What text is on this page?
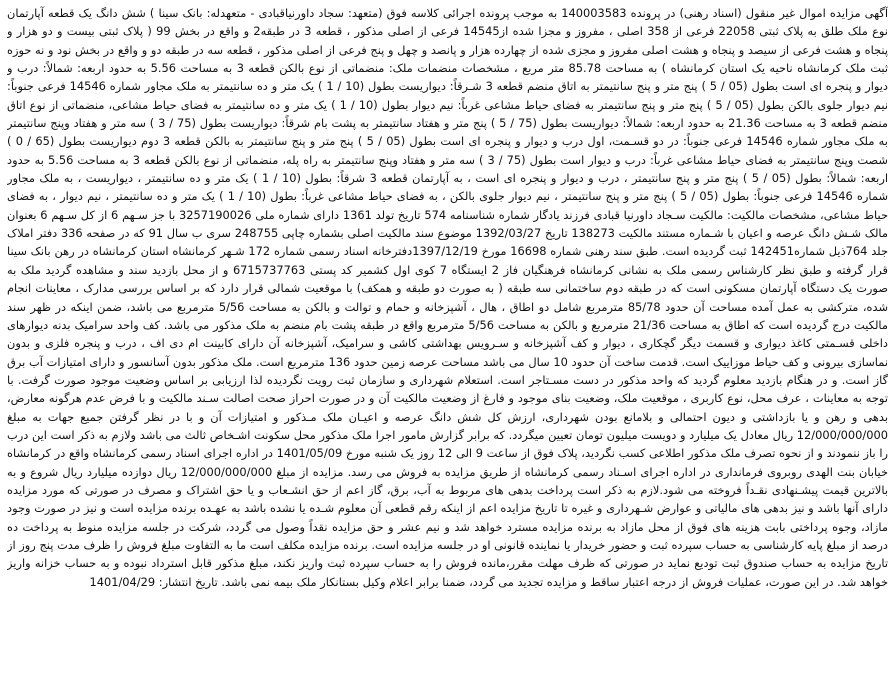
آگهی مزایده اموال غیر منقول (اسناد رهنی) در پرونده 140003583 به موجب پرونده اجرائی کلاسه فوق (متعهد: سجاد داورنیاقبادی - متعهدله: بانک سینا ) شش دانگ یک قطعه آپارتمان نوع ملک طلق به پلاک ثبتی 22058 فرعی از 358 اصلی ، مفروز و مجزا شده از14545 فرعی از اصلی مذکور ، قطعه 3 در طبقه2 و واقع در بخش 99 ( پلاک ثبتی بیست و دو هزار و پنجاه و هشت فرعی از سیصد و پنجاه و هشت اصلی مفروز و مجزی شده از چهارده هزار و پانصد و چهل و پنج فرعی از اصلی مذکور ، قطعه سه در طبقه دو و واقع در بخش نود و نه حوزه ثبت ملک کرمانشاه ناحیه یک استان کرمانشاه ) به مساحت 85.78 متر مربع ، مشخصات منضمات ملک: منضماتی از نوع بالکن قطعه 3 به مساحت 5.56 به حدود اربعه: شمالاً: درب و دیوار و پنجره ای است بطول (05 / 5 ) پنج متر و پنج سانتیمتر به اتاق منضم قطعه 3 شـرقاً: دیواریست بطول (10 / 1 ) یک متر و ده سانتیمتر به ملک مجاور شماره 14546 فرعی جنوباً: نیم دیوار جلوی بالکن بطول (05 / 5 ) پنج متر و پنج سانتیمتر به فضای حیاط مشاعی غرباً: نیم دیوار بطول (10 / 1 ) یک متر و ده سانتیمتر به فضای حیاط مشاعی، منضماتی از نوع اتاق منضم قطعه 3 به مساحت 21.36 به حدود اربعه: شمالاً: دیواریست بطول (75 / 5 ) پنج متر و هفتاد سانتیمتر به پشت بام شرقاً: دیواریست بطول (75 / 3 ) سه متر و هفتاد وپنج سانتیمتر به ملک مجاور شماره 14546 فرعی جنوباً: در دو قسـمت، اول درب و دیوار و پنجره ای است بطول (05 / 5 ) پنج متر و پنج سانتیمتر به بالکن قطعه 3 دوم دیواریست بطول (65 / 0 ) شصت وپنج سانتیمتر به فضای حیاط مشاعی غرباً: درب و دیوار است بطول (75 / 3 ) سه متر و هفتاد وپنج سانتیمتر به راه پله، منضماتی از نوع بالکن قطعه 3 به مساحت 5.56 به حدود اربعه: شمالاً: بطول (05 / 5 ) پنج متر و پنج سانتیمتر ، درب و دیوار و پنجره ای است ، به آپارتمان قطعه 3 شرقاً: بطول (10 / 1 ) یک متر و ده سانتیمتر ، دیواریست ، به ملک مجاور شماره 14546 فرعی جنوباً: بطول (05 / 5 ) پنج متر و پنج سانتیمتر ، نیم دیوار جلوی بالکن ، به فضای حیاط مشاعی غرباً: بطول (10 / 1 ) یک متر و ده سانتیمتر ، نیم دیوار ، به فضای حیاط مشاعی، مشخصات مالکیت: مالکیت سـجاد داورنیا قبادی فرزند یادگار شماره شناسنامه 574 تاریخ تولد 1361 دارای شماره ملی 3257190026 با جز سـهم 6 از کل سـهم 6 بعنوان مالک شـش دانگ عرصه و اعیان با شـماره مستند مالکیت 138273 تاریخ 1392/03/27 موضوع سند مالکیت اصلی بشماره چاپی 248755 سری ب سال 91 که در صفحه 336 دفتر املاک جلد 764ذیل شماره142451 ثبت گردیده است. طبق سند رهنی شماره 16698 مورخ 1397/12/19دفترخانه اسناد رسمی شماره 172 شـهر کرمانشاه استان کرمانشاه در رهن بانک سینا قرار گرفته و طبق نظر کارشناس رسمی ملک به نشانی کرمانشاه فرهنگیان فاز 2 ایستگاه 7 کوی اول کشمیر کد پستی 6715737763 و از محل بازدید سند و مشاهده گردید ملک به صورت یک دستگاه آپارتمان مسکونی است که در طبقه دوم ساختمانی سه طبقه ( به صورت دو طبقه و همکف) با موقعیت شمالی قرار دارد که بر اساس بررسی مدارک ، معاینات انجام شده، مترکشی به عمل آمده مساحت آن حدود 85/78 مترمربع شامل دو اطاق ، هال ، آشپزخانه و حمام و توالت و بالکن به مساحت 5/56 مترمربع می باشد، ضمن اینکه در ظهر سند مالکیت درج گردیده است که اطاق به مساحت 21/36 مترمربع و بالکن به مساحت 5/56 مترمربع واقع در طبقه پشت بام منضم به ملک مذکور می باشد. کف واحد سرامیک بدنه دیوارهای داخلی قسـمتی کاغذ دیواری و قسمت دیگر گچکاری ، دیوار و کف آشپزخانه و سـرویس بهداشتی کاشی و سرامیک، آشپزخانه آن دارای کابینت ام دی اف ، درب و پنجره فلزی و بدون نماسازی بیرونی و کف حیاط موزاییک است. قدمت ساخت آن حدود 10 سال می باشد مساحت عرصه زمین حدود 136 مترمربع است. ملک مذکور بدون آسانسور و دارای امتیازات آب برق گاز است. و در هنگام بازدید معلوم گردید که واحد مذکور در دست مسـتاجر است. استعلام شهرداری و سازمان ثبت رویت نگردیده لذا ارزیابی بر اساس وضعیت موجود صورت گرفت. با توجه به معاینات ، عرف محل، نوع کاربری ، موقعیت ملک، وضعیت بنای موجود و فارغ از وضعیت مالکیت آن و در صورت احراز صحت اصالت سـند مالکیت و با فرض عدم هرگونه معارض، بدهی و رهن و یا بازداشتی و دیون احتمالی و بلامانع بودن شهرداری، ارزش کل شش دانگ عرصه و اعیـان ملک مـذکور و امتیازات آن و با در نظر گرفتن جمیع جهات به مبلغ 12/000/000/000 ریال معادل یک میلیارد و دویست میلیون تومان تعیین میگردد. که برابر گزارش مامور اجرا ملک مذکور محل سکونت اشـخاص ثالث می باشد ولازم به ذکر است این درب را باز ننمودند و از نحوه تصرف ملک مذکور اطلاعی کسب نگردید، پلاک فوق از ساعت 9 الی 12 روز یک شنبه مورخ 1401/05/09 در اداره اجرای اسناد رسمی کرمانشاه واقع در کرمانشاه خیابان بنت الهدی روبروی فرمانداری در اداره اجرای اسـناد رسمی کرمانشاه از طریق مزایده به فروش می رسد. مزایده از مبلغ 12/000/000/000 ریال دوازده میلیارد ریال شروع و به بالاترین قیمت پیشـنهادی نقـداً فروخته می شود.لازم به ذکر است پرداخت بدهی های مربوط به آب، برق، گاز اعم از حق انشـعاب و یا حق اشتراک و مصرف در صورتی که مورد مزایده دارای آنها باشد و نیز بدهی های مالیاتی و عوارض شـهرداری و غیره تا تاریخ مزایده اعم از اینکه رقم قطعی آن معلوم شـده یا نشده باشد به عهـده برنده مزایده است و نیز در صورت وجود مازاد، وجوه پرداختی بابت هزینه های فوق از محل مازاد به برنده مزایده مسترد خواهد شد و نیم عشر و حق مزایده نقداً وصول می گردد، شرکت در جلسه مزایده منوط به پرداخت ده درصد از مبلغ پایه کارشناسی به حساب سپرده ثبت و حضور خریدار یا نماینده قانونی او در جلسه مزایده است. برنده مزایده مکلف است ما به التفاوت مبلغ فروش را ظرف مدت پنج روز از تاریخ مزایده به حساب صندوق ثبت تودیع نماید در صورتی که ظرف مهلت مقرر،مانده فروش را به حساب سپرده ثبت واریز نکند، مبلغ مذکور قابل استرداد نبوده و به حساب خزانه واریز خواهد شد. در این صورت، عملیات فروش از درجه اعتبار ساقط و مزایده تجدید می گردد، ضمنا برابر اعلام وکیل بستانکار ملک بیمه نمی باشد. تاریخ انتشار: 1401/04/29
